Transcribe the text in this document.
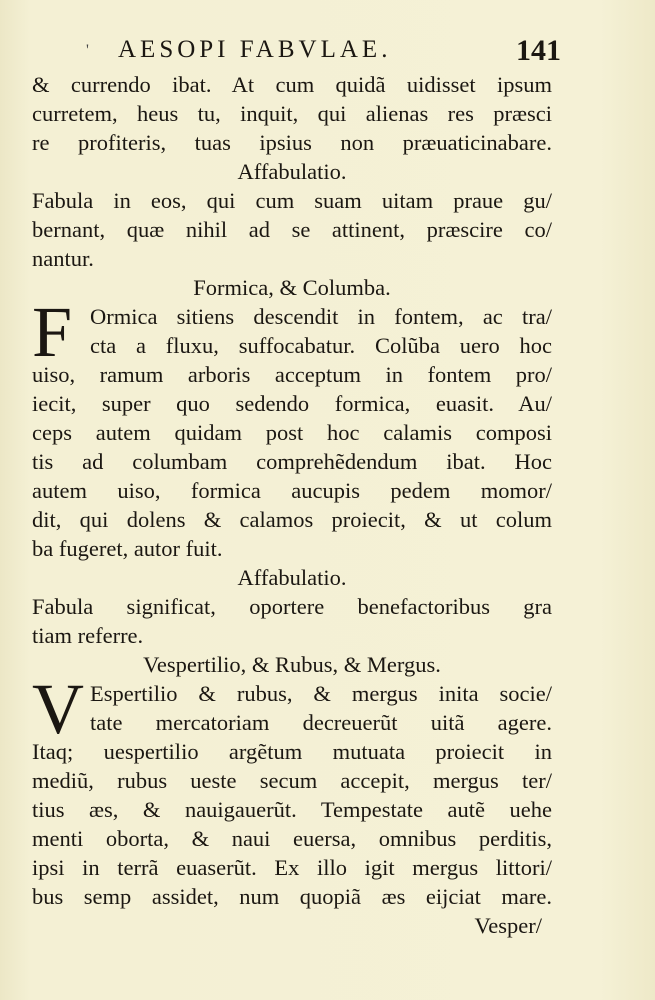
' AESOPI FABVLAE.	141
& currendo ibat. At cum quidã uidisset ipsum
curretem, heus tu, inquit, qui alienas res præsci
re profiteris, tuas ipsius non præuaticinabare.
Affabulatio.
Fabula in eos, qui cum suam uitam praue gu/
bernant, quæ nihil ad se attinent, præscire co/
nantur.
Formica, & Columba.
F Ormica sitiens descendit in fontem, ac tra/
cta a fluxu, suffocabatur. Colũba uero hoc
uiso, ramum arboris acceptum in fontem pro/
iecit, super quo sedendo formica, euasit. Au/
ceps autem quidam post hoc calamis composi
tis ad columbam comprehẽdendum ibat. Hoc
autem uiso, formica aucupis pedem momor/
dit, qui dolens & calamos proiecit, & ut colum
ba fugeret, autor fuit.
Affabulatio.
Fabula significat, oportere benefactoribus gra
tiam referre.
Vespertilio, & Rubus, & Mergus.
V Espertilio & rubus, & mergus inita socie/
tate mercatoriam decreuerũt uitã agere.
Itaq; uespertilio argẽtum mutuata proiecit in
mediũ, rubus ueste secum accepit, mergus ter/
tius æs, & nauigauerũt. Tempestate autẽ uehe
menti oborta, & naui euersa, omnibus perditis,
ipsi in terrã euaserũt. Ex illo igit mergus littori/
bus semp assidet, num quopiã æs eijciat mare.
Vesper/
